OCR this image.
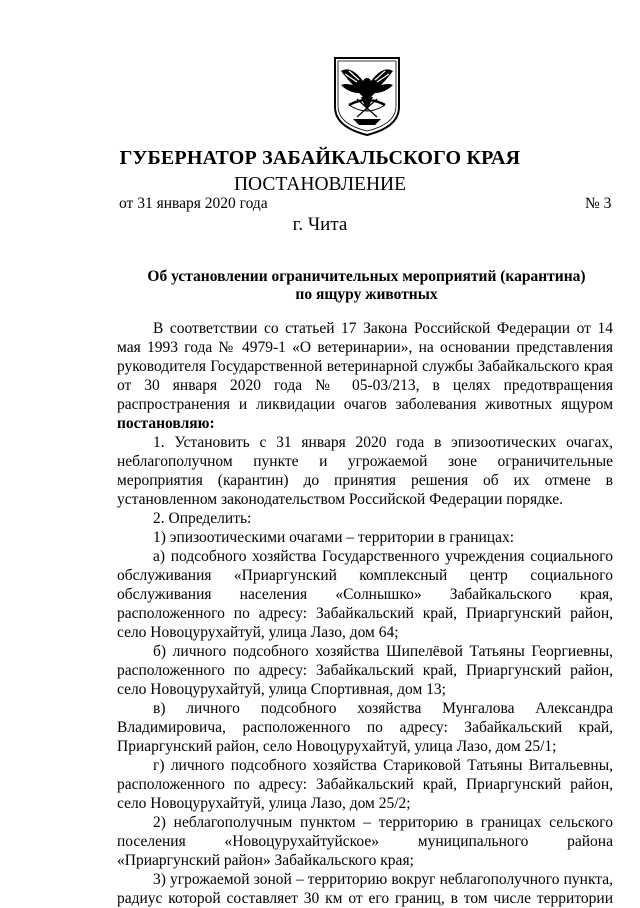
ГУБЕРНАТОР ЗАБАЙКАЛЬСКОГО КРАЯ
ПОСТАНОВЛЕНИЕ
от 31 января 2020 года	№ 3
г. Чита
Об установлении ограничительных мероприятий (карантина)
по ящуру животных

В соответствии со статьей 17 Закона Российской Федерации от 14 мая 1993 года № 4979-1 «О ветеринарии», на основании представления руководителя Государственной ветеринарной службы Забайкальского края от 30 января 2020 года № 05-03/213, в целях предотвращения распространения и ликвидации очагов заболевания животных ящуром постановляю:

1. Установить с 31 января 2020 года в эпизоотических очагах, неблагополучном пункте и угрожаемой зоне ограничительные мероприятия (карантин) до принятия решения об их отмене в установленном законодательством Российской Федерации порядке.

2. Определить:

1) эпизоотическими очагами – территории в границах:

а) подсобного хозяйства Государственного учреждения социального обслуживания «Приаргунский комплексный центр социального обслуживания населения «Солнышко» Забайкальского края, расположенного по адресу: Забайкальский край, Приаргунский район, село Новоцурухайтуй, улица Лазо, дом 64;

б) личного подсобного хозяйства Шипелёвой Татьяны Георгиевны, расположенного по адресу: Забайкальский край, Приаргунский район, село Новоцурухайтуй, улица Спортивная, дом 13;

в) личного подсобного хозяйства Мунгалова Александра Владимировича, расположенного по адресу: Забайкальский край, Приаргунский район, село Новоцурухайтуй, улица Лазо, дом 25/1;

г) личного подсобного хозяйства Стариковой Татьяны Витальевны, расположенного по адресу: Забайкальский край, Приаргунский район, село Новоцурухайтуй, улица Лазо, дом 25/2;

2) неблагополучным пунктом – территорию в границах сельского поселения «Новоцурухайтуйское» муниципального района «Приаргунский район» Забайкальского края;

3) угрожаемой зоной – территорию вокруг неблагополучного пункта, радиус которой составляет 30 км от его границ, в том числе территории
